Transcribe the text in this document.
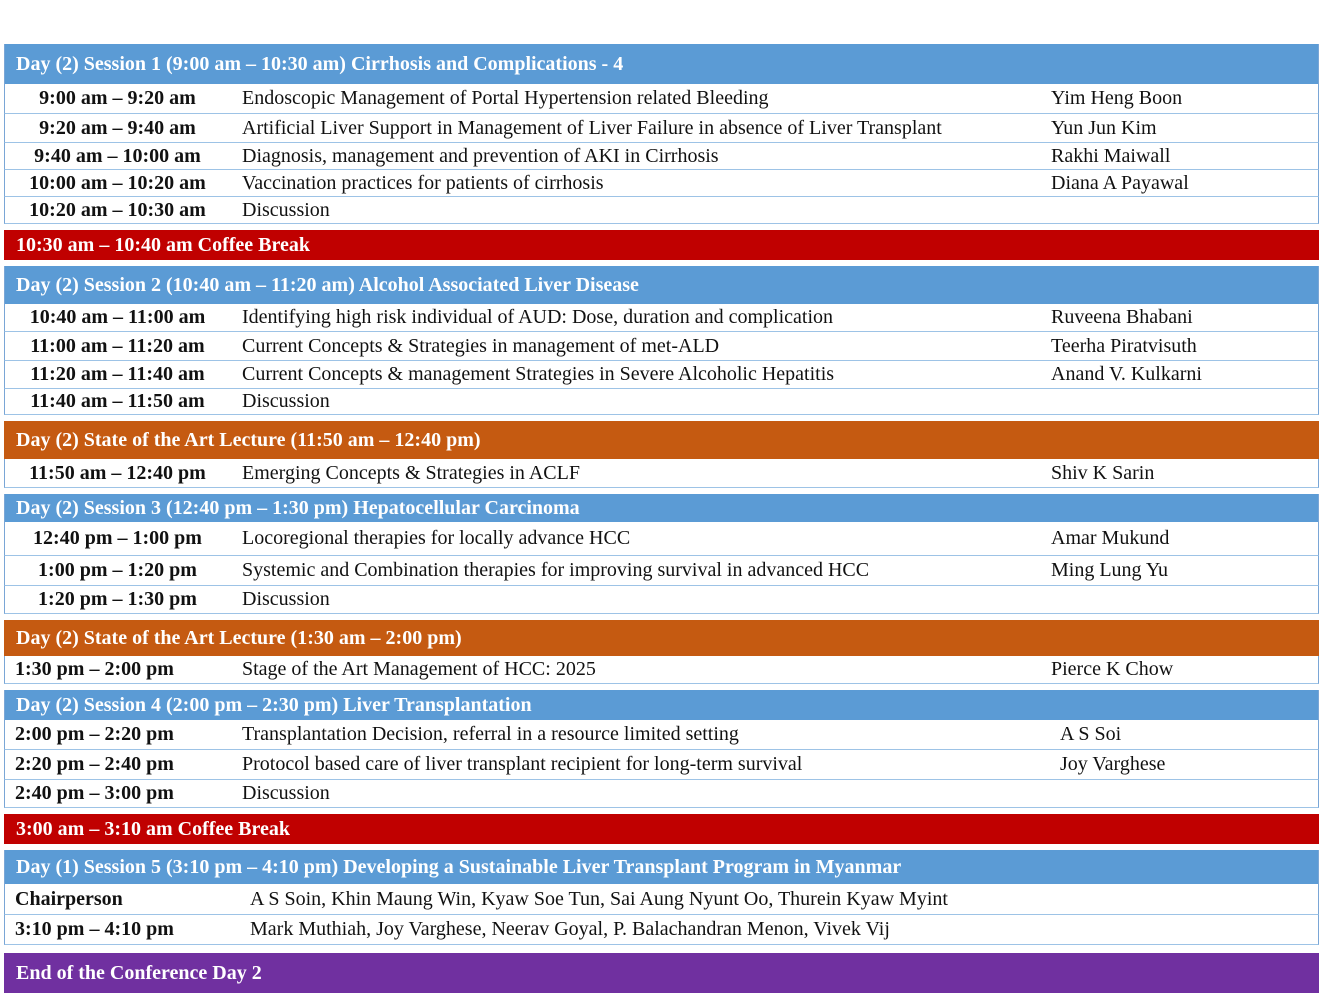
Day (2) Session 1 (9:00 am – 10:30 am) Cirrhosis and Complications - 4
9:00 am – 9:20 am	Endoscopic Management of Portal Hypertension related Bleeding	Yim Heng Boon
9:20 am – 9:40 am	Artificial Liver Support in Management of Liver Failure in absence of Liver Transplant	Yun Jun Kim
9:40 am – 10:00 am	Diagnosis, management and prevention of AKI in Cirrhosis	Rakhi Maiwall
10:00 am – 10:20 am	Vaccination practices for patients of cirrhosis	Diana A Payawal
10:20 am – 10:30 am	Discussion
10:30 am – 10:40 am Coffee Break
Day (2) Session 2 (10:40 am – 11:20 am) Alcohol Associated Liver Disease
10:40 am – 11:00 am	Identifying high risk individual of AUD: Dose, duration and complication	Ruveena Bhabani
11:00 am – 11:20 am	Current Concepts & Strategies in management of met-ALD	Teerha Piratvisuth
11:20 am – 11:40 am	Current Concepts & management Strategies in Severe Alcoholic Hepatitis	Anand V. Kulkarni
11:40 am – 11:50 am	Discussion
Day (2) State of the Art Lecture (11:50 am – 12:40 pm)
11:50 am – 12:40 pm	Emerging Concepts & Strategies in ACLF	Shiv K Sarin
Day (2) Session 3 (12:40 pm – 1:30 pm) Hepatocellular Carcinoma
12:40 pm – 1:00 pm	Locoregional therapies for locally advance HCC	Amar Mukund
1:00 pm – 1:20 pm	Systemic and Combination therapies for improving survival in advanced HCC	Ming Lung Yu
1:20 pm – 1:30 pm	Discussion
Day (2) State of the Art Lecture (1:30 am – 2:00 pm)
1:30 pm – 2:00 pm	Stage of the Art Management of HCC: 2025	Pierce K Chow
Day (2) Session 4 (2:00 pm – 2:30 pm) Liver Transplantation
2:00 pm – 2:20 pm	Transplantation Decision, referral in a resource limited setting	A S Soi
2:20 pm – 2:40 pm	Protocol based care of liver transplant recipient for long-term survival	Joy Varghese
2:40 pm – 3:00 pm	Discussion
3:00 am – 3:10 am Coffee Break
Day (1) Session 5 (3:10 pm – 4:10 pm) Developing a Sustainable Liver Transplant Program in Myanmar
Chairperson	A S Soin, Khin Maung Win, Kyaw Soe Tun, Sai Aung Nyunt Oo, Thurein Kyaw Myint
3:10 pm – 4:10 pm	Mark Muthiah, Joy Varghese, Neerav Goyal, P. Balachandran Menon, Vivek Vij
End of the Conference Day 2
